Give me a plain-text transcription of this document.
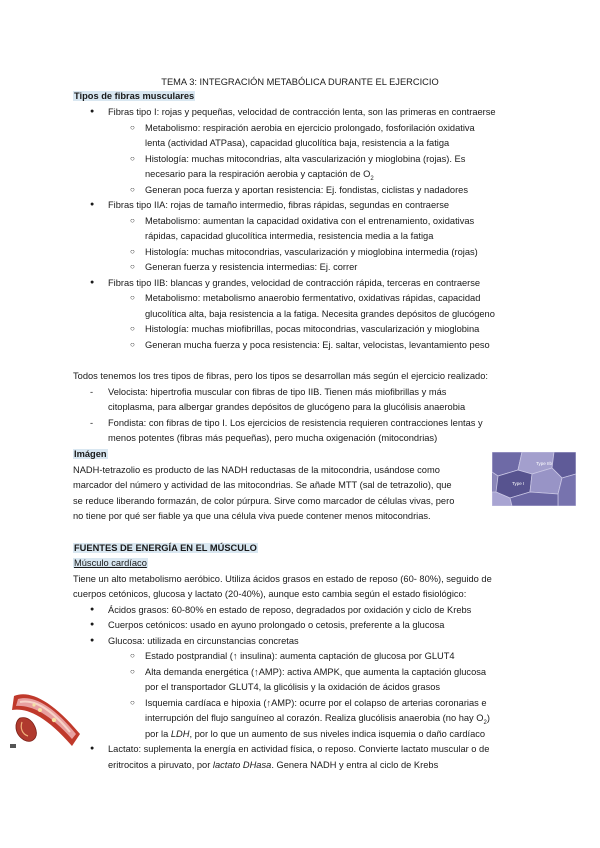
TEMA 3: INTEGRACIÓN METABÓLICA DURANTE EL EJERCICIO
Tipos de fibras musculares
● Fibras tipo I: rojas y pequeñas, velocidad de contracción lenta, son las primeras en contraerse
○ Metabolismo: respiración aerobia en ejercicio prolongado, fosforilación oxidativa
lenta (actividad ATPasa), capacidad glucolítica baja, resistencia a la fatiga
○ Histología: muchas mitocondrias, alta vascularización y mioglobina (rojas). Es
necesario para la respiración aerobia y captación de $O_2$
○ Generan poca fuerza y aportan resistencia: Ej. fondistas, ciclistas y nadadores
● Fibras tipo IIA: rojas de tamaño intermedio, fibras rápidas, segundas en contraerse
○ Metabolismo: aumentan la capacidad oxidativa con el entrenamiento, oxidativas
rápidas, capacidad glucolítica intermedia, resistencia media a la fatiga
○ Histología: muchas mitocondrias, vascularización y mioglobina intermedia (rojas)
○ Generan fuerza y resistencia intermedias: Ej. correr
● Fibras tipo IIB: blancas y grandes, velocidad de contracción rápida, terceras en contraerse
○ Metabolismo: metabolismo anaerobio fermentativo, oxidativas rápidas, capacidad
glucolítica alta, baja resistencia a la fatiga. Necesita grandes depósitos de glucógeno
○ Histología: muchas miofibrillas, pocas mitocondrias, vascularización y mioglobina
○ Generan mucha fuerza y poca resistencia: Ej. saltar, velocistas, levantamiento peso
Todos tenemos los tres tipos de fibras, pero los tipos se desarrollan más según el ejercicio realizado:
- Velocista: hipertrofia muscular con fibras de tipo IIB. Tienen más miofibrillas y más
citoplasma, para albergar grandes depósitos de glucógeno para la glucólisis anaerobia
- Fondista: con fibras de tipo I. Los ejercicios de resistencia requieren contracciones lentas y
menos potentes (fibras más pequeñas), pero mucha oxigenación (mitocondrias)
Imágen
NADH-tetrazolio es producto de las NADH reductasas de la mitocondria, usándose como
marcador del número y actividad de las mitocondrias. Se añade MTT (sal de tetrazolio), que
se reduce liberando formazán, de color púrpura. Sirve como marcador de células vivas, pero
no tiene por qué ser fiable ya que una célula viva puede contener menos mitocondrias.
Type IIb
Type I
FUENTES DE ENERGÍA EN EL MÚSCULO
Músculo cardíaco
Tiene un alto metabolismo aeróbico. Utiliza ácidos grasos en estado de reposo (60- 80%), seguido de
cuerpos cetónicos, glucosa y lactato (20-40%), aunque esto cambia según el estado fisiológico:
● Ácidos grasos: 60-80% en estado de reposo, degradados por oxidación y ciclo de Krebs
● Cuerpos cetónicos: usado en ayuno prolongado o cetosis, preferente a la glucosa
● Glucosa: utilizada en circunstancias concretas
○ Estado postprandial (↑ insulina): aumenta captación de glucosa por GLUT4
○ Alta demanda energética (↑AMP): activa AMPK, que aumenta la captación glucosa
por el transportador GLUT4, la glicólisis y la oxidación de ácidos grasos
○ Isquemia cardíaca e hipoxia (↑AMP): ocurre por el colapso de arterias coronarias e
interrupción del flujo sanguíneo al corazón. Realiza glucólisis anaerobia (no hay $O_2$)
por la LDH, por lo que un aumento de sus niveles indica isquemia o daño cardíaco
● Lactato: suplementa la energía en actividad física, o reposo. Convierte lactato muscular o de
eritrocitos a piruvato, por lactato DHasa. Genera NADH y entra al ciclo de Krebs
